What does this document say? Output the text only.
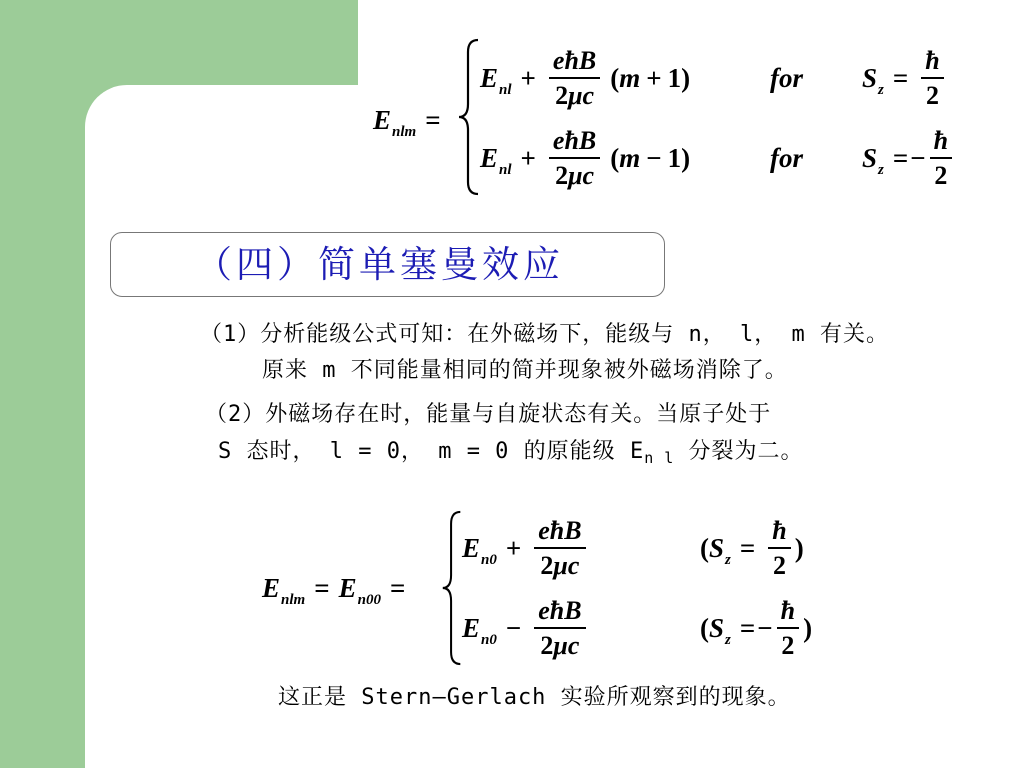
$E_{nlm}$ =
$E_{nl} + \frac{\text{eħB}}{2\mu c} (m + 1)$	for $S_z = \frac{ħ}{2}$
$E_{nl} + \frac{\text{eħB}}{2\mu c} (m - 1)$	for $S_z$ = − $\frac{ħ}{2}$
（四）简单塞曼效应
（1）分析能级公式可知：在外磁场下，能级与 n， l， m 有关。
原来 m 不同能量相同的简并现象被外磁场消除了。
（2）外磁场存在时，能量与自旋状态有关。当原子处于
S 态时， l = 0， m = 0 的原能级 $E_{n l}$ 分裂为二。
$E_{nlm} = E_{n00}$ =
$E_{n0} + \frac{\text{eħB}}{2\mu c}$	( $S_z = \frac{ħ}{2}$ )
$E_{n0} - \frac{\text{eħB}}{2\mu c}$	( $S_z$ = − $\frac{ħ}{2}$ )
这正是 Stern—Gerlach 实验所观察到的现象。
